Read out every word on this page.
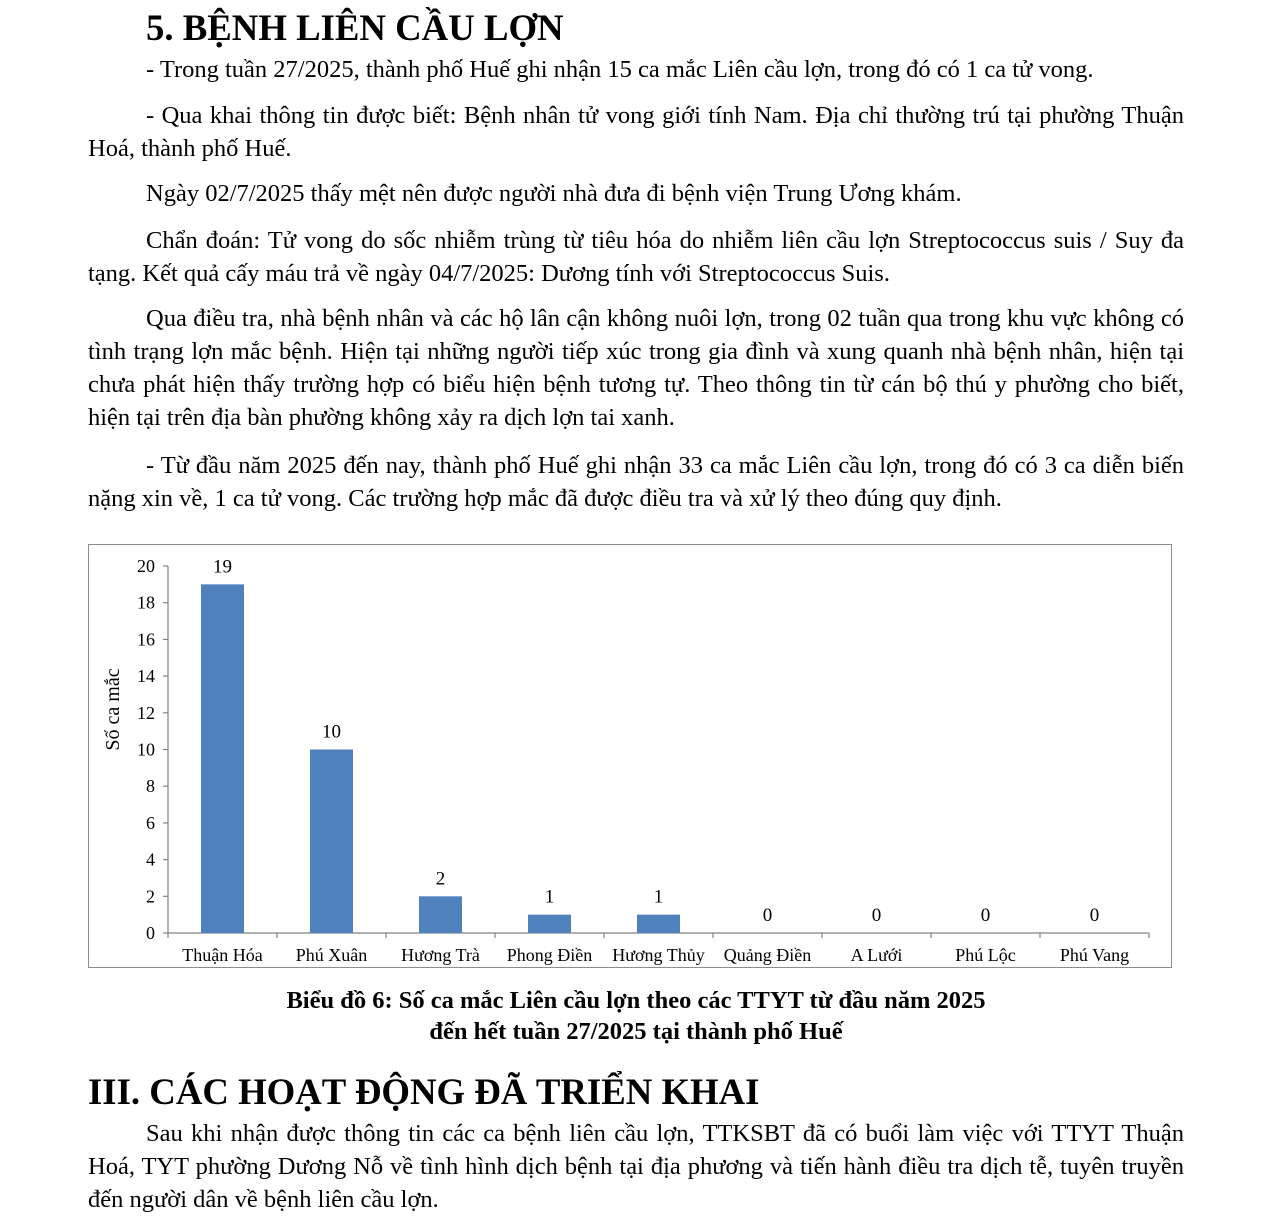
5. BỆNH LIÊN CẦU LỢN

- Trong tuần 27/2025, thành phố Huế ghi nhận 15 ca mắc Liên cầu lợn, trong đó có 1 ca tử vong.

- Qua khai thông tin được biết: Bệnh nhân tử vong giới tính Nam. Địa chỉ thường trú tại phường Thuận Hoá, thành phố Huế.

Ngày 02/7/2025 thấy mệt nên được người nhà đưa đi bệnh viện Trung Ương khám.

Chẩn đoán: Tử vong do sốc nhiễm trùng từ tiêu hóa do nhiễm liên cầu lợn Streptococcus suis / Suy đa tạng. Kết quả cấy máu trả về ngày 04/7/2025: Dương tính với Streptococcus Suis.

Qua điều tra, nhà bệnh nhân và các hộ lân cận không nuôi lợn, trong 02 tuần qua trong khu vực không có tình trạng lợn mắc bệnh. Hiện tại những người tiếp xúc trong gia đình và xung quanh nhà bệnh nhân, hiện tại chưa phát hiện thấy trường hợp có biểu hiện bệnh tương tự. Theo thông tin từ cán bộ thú y phường cho biết, hiện tại trên địa bàn phường không xảy ra dịch lợn tai xanh.

- Từ đầu năm 2025 đến nay, thành phố Huế ghi nhận 33 ca mắc Liên cầu lợn, trong đó có 3 ca diễn biến nặng xin về, 1 ca tử vong. Các trường hợp mắc đã được điều tra và xử lý theo đúng quy định.

0
2
4
6
8
10
12
14
16
18
20
Số ca mắc
19
Thuận Hóa
10
Phú Xuân
2
Hương Trà
1
Phong Điền
1
Hương Thủy
0
Quảng Điền
0
A Lưới
0
Phú Lộc
0
Phú Vang
Biểu đồ 6: Số ca mắc Liên cầu lợn theo các TTYT từ đầu năm 2025
đến hết tuần 27/2025 tại thành phố Huế
III. CÁC HOẠT ĐỘNG ĐÃ TRIỂN KHAI

Sau khi nhận được thông tin các ca bệnh liên cầu lợn, TTKSBT đã có buổi làm việc với TTYT Thuận Hoá, TYT phường Dương Nỗ về tình hình dịch bệnh tại địa phương và tiến hành điều tra dịch tễ, tuyên truyền đến người dân về bệnh liên cầu lợn.
